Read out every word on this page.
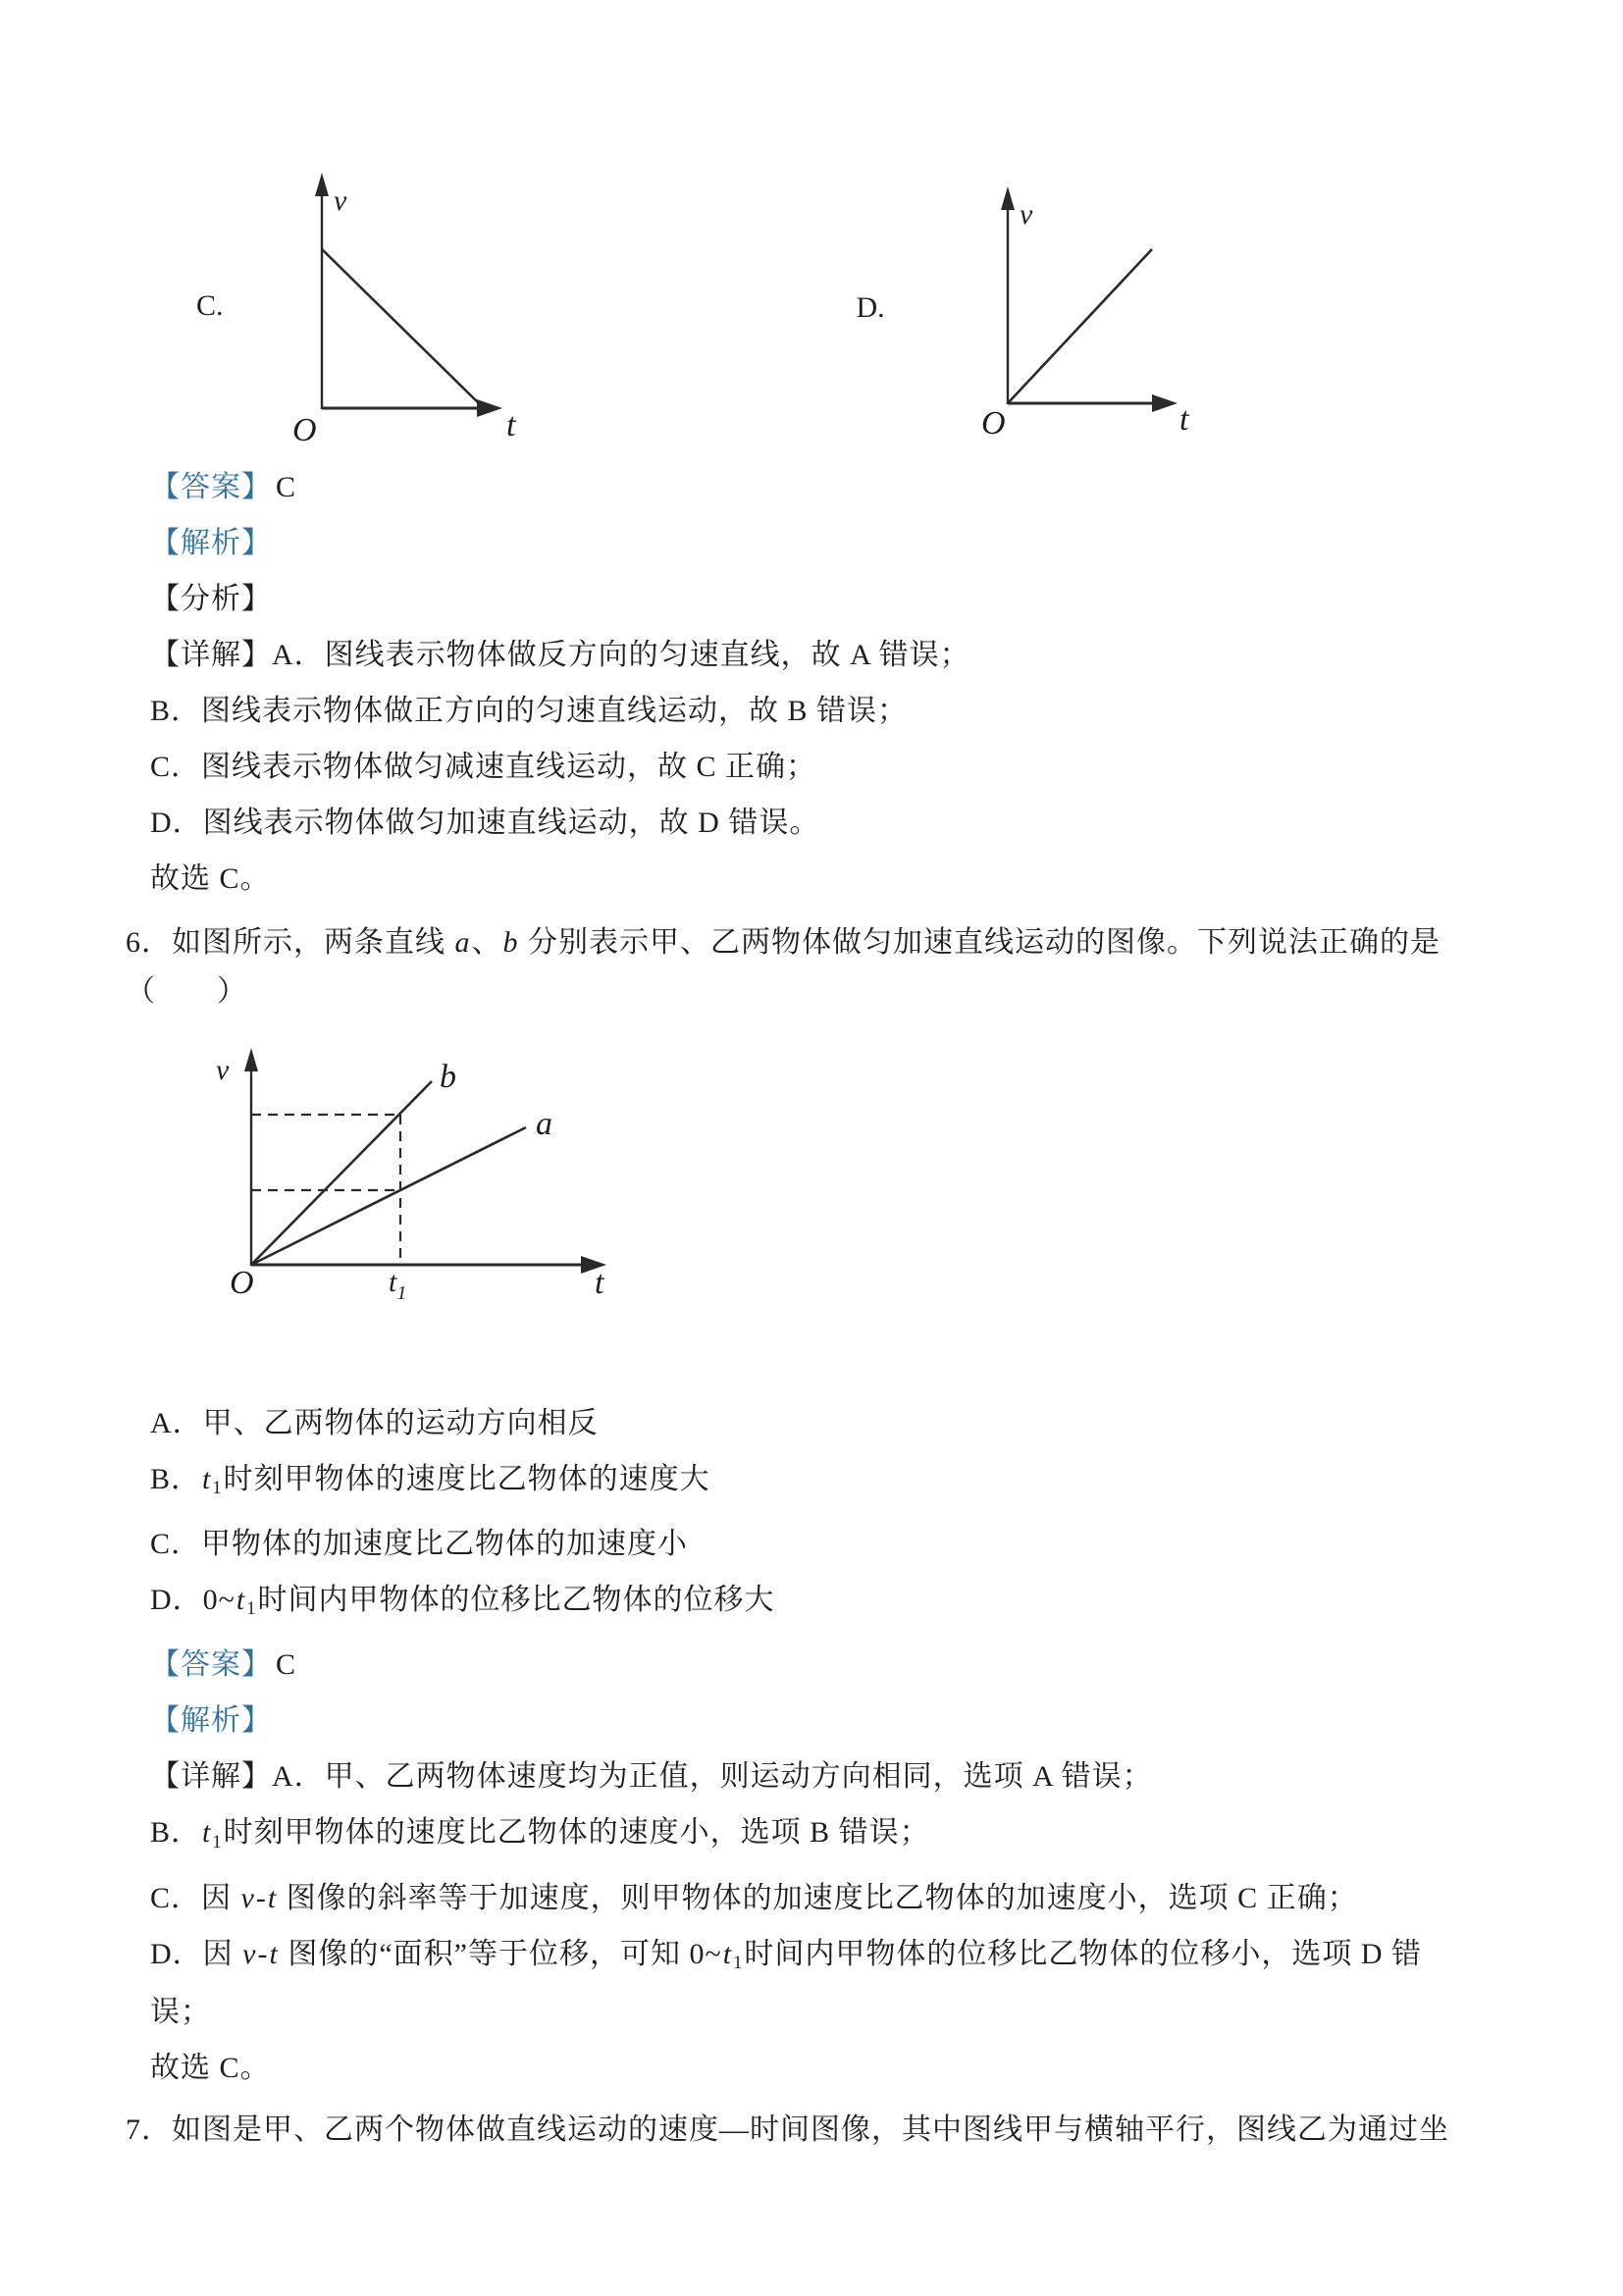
C.
v
O	t
D.
v
O	t

【答案】 C

【解析】

【分析】

【详解】A．图线表示物体做反方向的匀速直线，故 A 错误；

B．图线表示物体做正方向的匀速直线运动，故 B 错误；

C．图线表示物体做匀减速直线运动，故 C 正确；

D．图线表示物体做匀加速直线运动，故 D 错误。

故选 C。

6．如图所示，两条直线 a、b 分别表示甲、乙两物体做匀加速直线运动的图像。下列说法正确的是
（　　）
v
O	t
b
a
$t_1$

A．甲、乙两物体的运动方向相反

B．t1时刻甲物体的速度比乙物体的速度大

C．甲物体的加速度比乙物体的加速度小

D．0~t1时间内甲物体的位移比乙物体的位移大

【答案】 C

【解析】

【详解】A．甲、乙两物体速度均为正值，则运动方向相同，选项 A 错误；

B．t1时刻甲物体的速度比乙物体的速度小，选项 B 错误；

C．因 v-t 图像的斜率等于加速度，则甲物体的加速度比乙物体的加速度小，选项 C 正确；

D．因 v-t 图像的“面积”等于位移，可知 0~t1时间内甲物体的位移比乙物体的位移小，选项 D 错
误；

故选 C。

7．如图是甲、乙两个物体做直线运动的速度—时间图像，其中图线甲与横轴平行，图线乙为通过坐
